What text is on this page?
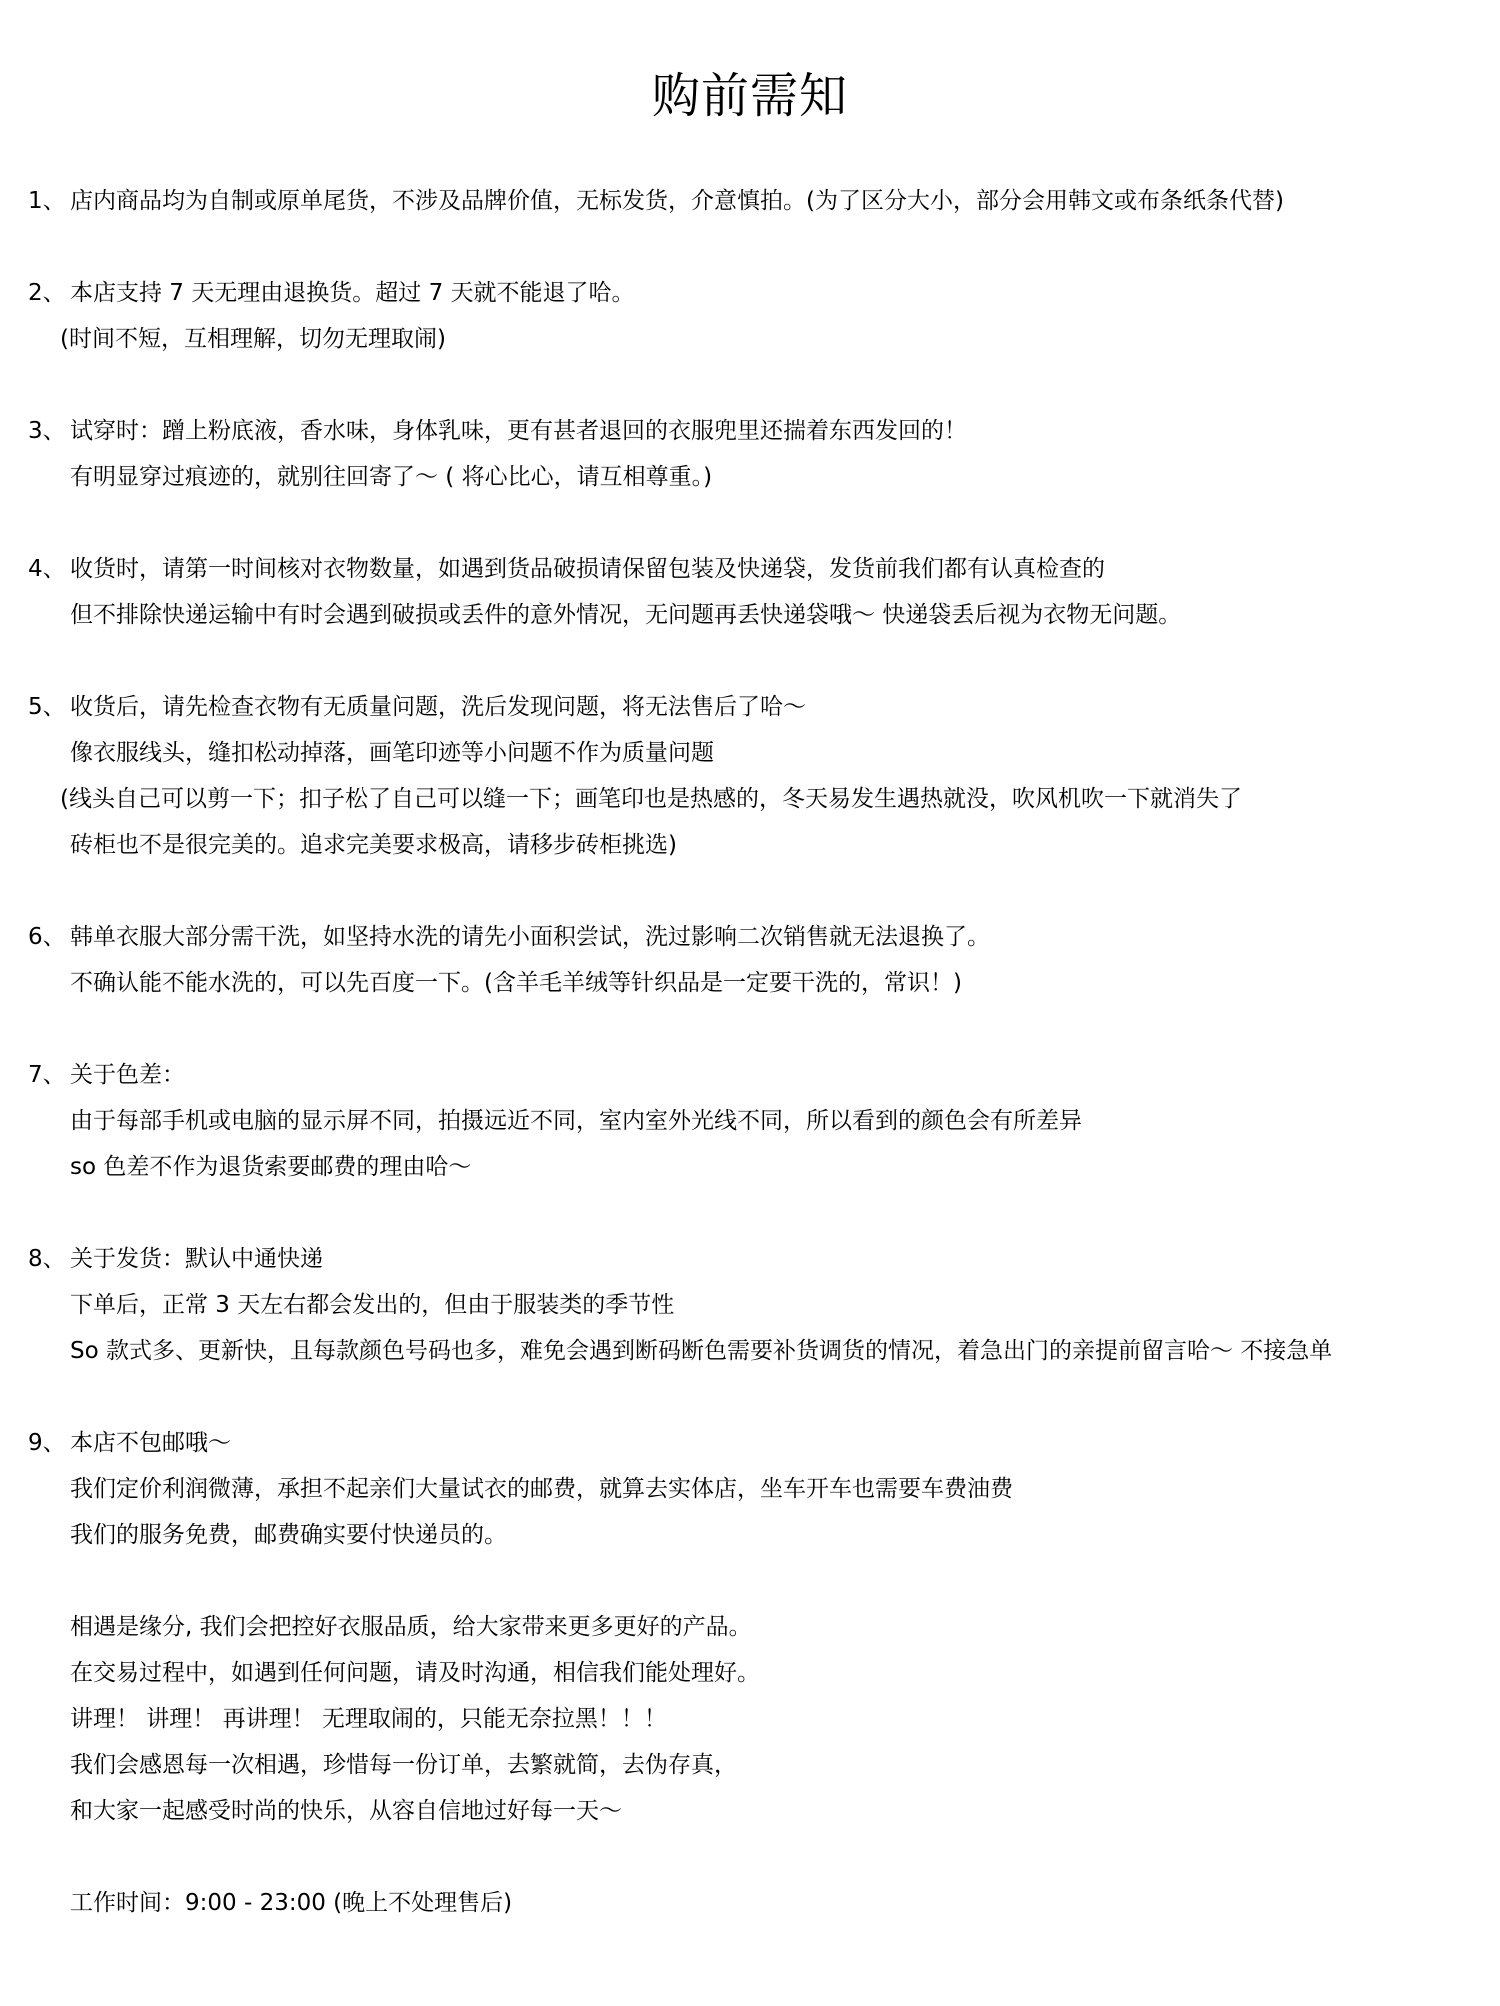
购前需知
1、 店内商品均为自制或原单尾货，不涉及品牌价值，无标发货，介意慎拍。(为了区分大小，部分会用韩文或布条纸条代替)
2、 本店支持 7 天无理由退换货。超过 7 天就不能退了哈。
(时间不短，互相理解，切勿无理取闹)
3、 试穿时：蹭上粉底液，香水味，身体乳味，更有甚者退回的衣服兜里还揣着东西发回的！
有明显穿过痕迹的，就别往回寄了～ ( 将心比心，请互相尊重。)
4、 收货时，请第一时间核对衣物数量，如遇到货品破损请保留包装及快递袋，发货前我们都有认真检查的
但不排除快递运输中有时会遇到破损或丢件的意外情况，无问题再丢快递袋哦～ 快递袋丢后视为衣物无问题。
5、 收货后，请先检查衣物有无质量问题，洗后发现问题，将无法售后了哈～
像衣服线头，缝扣松动掉落，画笔印迹等小问题不作为质量问题
(线头自己可以剪一下；扣子松了自己可以缝一下；画笔印也是热感的，冬天易发生遇热就没，吹风机吹一下就消失了
砖柜也不是很完美的。追求完美要求极高，请移步砖柜挑选)
6、 韩单衣服大部分需干洗，如坚持水洗的请先小面积尝试，洗过影响二次销售就无法退换了。
不确认能不能水洗的，可以先百度一下。(含羊毛羊绒等针织品是一定要干洗的，常识！)
7、 关于色差：
由于每部手机或电脑的显示屏不同，拍摄远近不同，室内室外光线不同，所以看到的颜色会有所差异
so 色差不作为退货索要邮费的理由哈～
8、 关于发货：默认中通快递
下单后，正常 3 天左右都会发出的，但由于服装类的季节性
So 款式多、更新快，且每款颜色号码也多，难免会遇到断码断色需要补货调货的情况，着急出门的亲提前留言哈～ 不接急单
9、 本店不包邮哦～
我们定价利润微薄，承担不起亲们大量试衣的邮费，就算去实体店，坐车开车也需要车费油费
我们的服务免费，邮费确实要付快递员的。
相遇是缘分, 我们会把控好衣服品质，给大家带来更多更好的产品。
在交易过程中，如遇到任何问题，请及时沟通，相信我们能处理好。
讲理！ 讲理！ 再讲理！ 无理取闹的，只能无奈拉黑！！！
我们会感恩每一次相遇，珍惜每一份订单，去繁就简，去伪存真，
和大家一起感受时尚的快乐，从容自信地过好每一天～
工作时间：9:00 - 23:00 (晚上不处理售后)
